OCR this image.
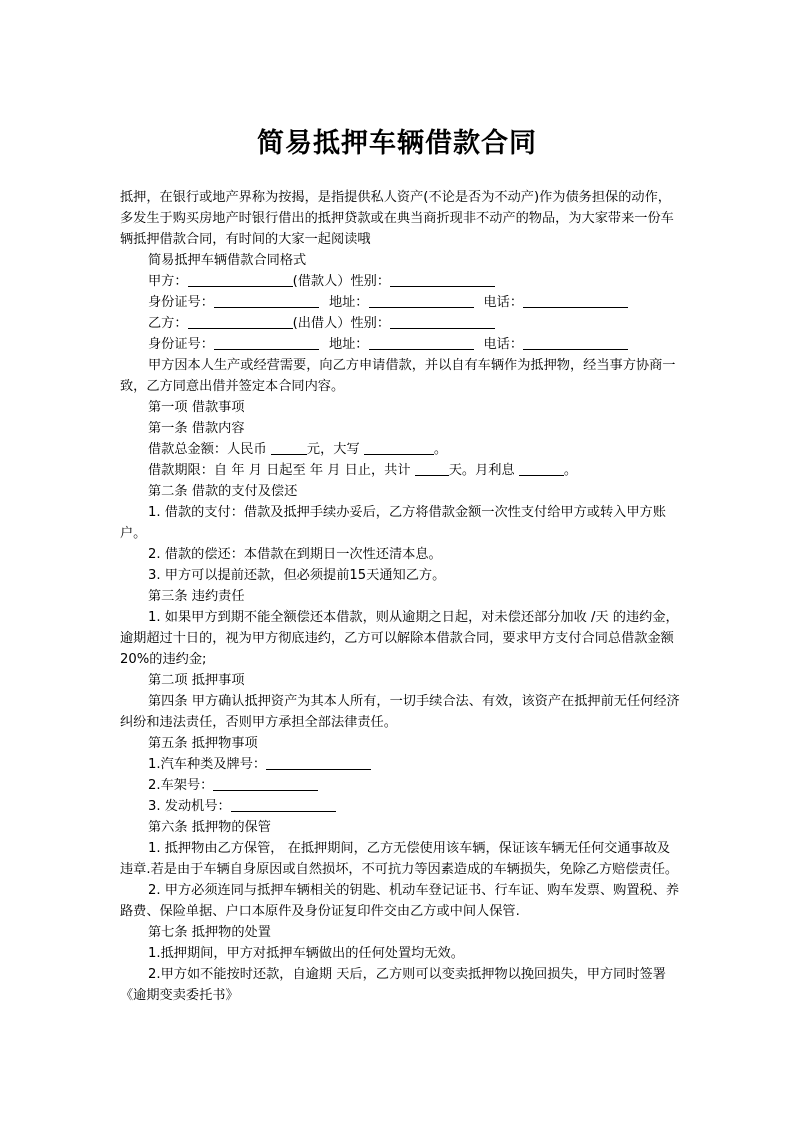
简易抵押车辆借款合同

抵押，在银行或地产界称为按揭，是指提供私人资产(不论是否为不动产)作为债务担保的动作，多发生于购买房地产时银行借出的抵押贷款或在典当商折现非不动产的物品，为大家带来一份车辆抵押借款合同，有时间的大家一起阅读哦

简易抵押车辆借款合同格式

甲方：	(借款人）性别：

身份证号：	地址：	电话：

乙方：	(出借人）性别：

身份证号：	地址：	电话：

甲方因本人生产或经营需要，向乙方申请借款，并以自有车辆作为抵押物，经当事方协商一致，乙方同意出借并签定本合同内容。

第一项 借款事项

第一条 借款内容

借款总金额：人民币	元，大写	。

借款期限：自 年 月 日起至 年 月 日止，共计	天。月利息	。

第二条 借款的支付及偿还

1. 借款的支付：借款及抵押手续办妥后，乙方将借款金额一次性支付给甲方或转入甲方账户。

2. 借款的偿还：本借款在到期日一次性还清本息。

3. 甲方可以提前还款，但必须提前15天通知乙方。

第三条 违约责任

1. 如果甲方到期不能全额偿还本借款，则从逾期之日起，对未偿还部分加收 /天 的违约金，逾期超过十日的，视为甲方彻底违约，乙方可以解除本借款合同，要求甲方支付合同总借款金额20%的违约金;

第二项 抵押事项

第四条 甲方确认抵押资产为其本人所有，一切手续合法、有效，该资产在抵押前无任何经济纠纷和违法责任，否则甲方承担全部法律责任。

第五条 抵押物事项

1.汽车种类及牌号：

2.车架号：

3. 发动机号：

第六条 抵押物的保管

1. 抵押物由乙方保管， 在抵押期间，乙方无偿使用该车辆，保证该车辆无任何交通事故及违章.若是由于车辆自身原因或自然损坏，不可抗力等因素造成的车辆损失，免除乙方赔偿责任。

2. 甲方必须连同与抵押车辆相关的钥匙、机动车登记证书、行车证、购车发票、购置税、养路费、保险单据、户口本原件及身份证复印件交由乙方或中间人保管.

第七条 抵押物的处置

1.抵押期间，甲方对抵押车辆做出的任何处置均无效。

2.甲方如不能按时还款，自逾期 天后，乙方则可以变卖抵押物以挽回损失，甲方同时签署《逾期变卖委托书》
